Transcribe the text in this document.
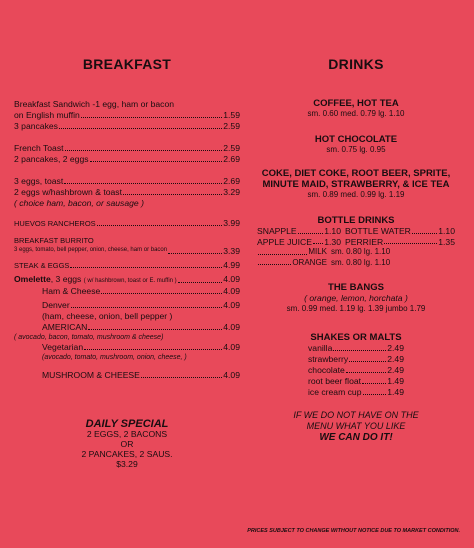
BREAKFAST
Breakfast Sandwich -1 egg, ham or bacon
on English muffin	1.59
3 pancakes	2.59
French Toast	2.59
2 pancakes, 2 eggs	2.69
3 eggs, toast	2.69
2 eggs w/hashbrown & toast	3.29
( choice ham, bacon, or sausage )
HUEVOS RANCHEROS	3.99
BREAKFAST BURRITO
3 eggs, tomato, bell pepper, onion, cheese, ham or bacon	3.39
STEAK & EGGS	4.99
Omelette, 3 eggs ( w/ hashbrown, toast or E. muffin )	4.09
Ham & Cheese	4.09
Denver	4.09
(ham, cheese, onion, bell pepper )
AMERICAN	4.09
( avocado, bacon, tomato, mushroom & cheese)
Vegetarian	4.09
(avocado, tomato, mushroom, onion, cheese, )
MUSHROOM & CHEESE	4.09
DAILY SPECIAL
2 EGGS, 2 BACONS
OR
2 PANCAKES, 2 SAUS.
$3.29
DRINKS
COFFEE, HOT TEA
sm. 0.60 med. 0.79 lg. 1.10
HOT CHOCOLATE
sm. 0.75 lg. 0.95
COKE, DIET COKE, ROOT BEER, SPRITE,
MINUTE MAID, STRAWBERRY, & ICE TEA
sm. 0.89 med. 0.99 lg. 1.19
BOTTLE DRINKS
SNAPPLE	1.10 BOTTLE WATER	1.10
APPLE JUICE 1.30 PERRIER	1.35
MILK sm. 0.80 lg. 1.10
ORANGE sm. 0.80 lg. 1.10
THE BANGS
( orange, lemon, horchata )
sm. 0.99 med. 1.19 lg. 1.39 jumbo 1.79
SHAKES OR MALTS
vanilla	2.49
strawberry	2.49
chocolate	2.49
root beer float	1.49
ice cream cup	1.49
IF WE DO NOT HAVE ON THE
MENU WHAT YOU LIKE
WE CAN DO IT!
PRICES SUBJECT TO CHANGE WITHOUT NOTICE DUE TO MARKET CONDITION.
